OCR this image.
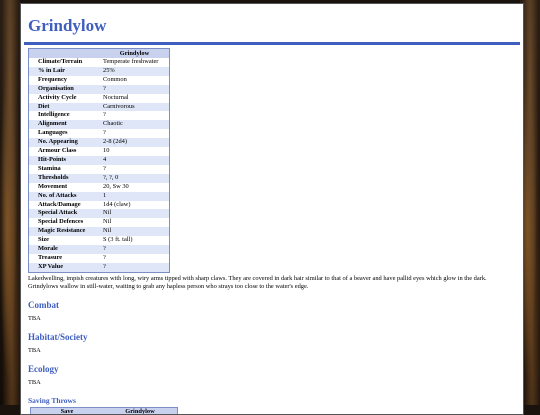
Grindylow
	Grindylow
Climate/Terrain	Temperate freshwater
% in Lair	25%
Frequency	Common
Organisation	?
Activity Cycle	Nocturnal
Diet	Carnivorous
Intelligence	?
Alignment	Chaotic
Languages	?
No. Appearing	2-8 (2d4)
Armour Class	10
Hit-Points	4
Stamina	?
Thresholds	?, ?, 0
Movement	20, Sw 30
No. of Attacks	1
Attack/Damage	1d4 (claw)
Special Attack	Nil
Special Defences	Nil
Magic Resistance	Nil
Size	S (3 ft. tall)
Morale	?
Treasure	?
XP Value	?
Lakedwelling, impish creatures with long, wiry arms tipped with sharp claws. They are covered in dark hair similar to that of a beaver and have pallid eyes which glow in the dark. Grindylows wallow in still-water, waiting to grab any hapless person who strays too close to the water's edge.
Combat

TBA

Habitat/Society

TBA

Ecology

TBA

Saving Throws
Save	Grindylow
